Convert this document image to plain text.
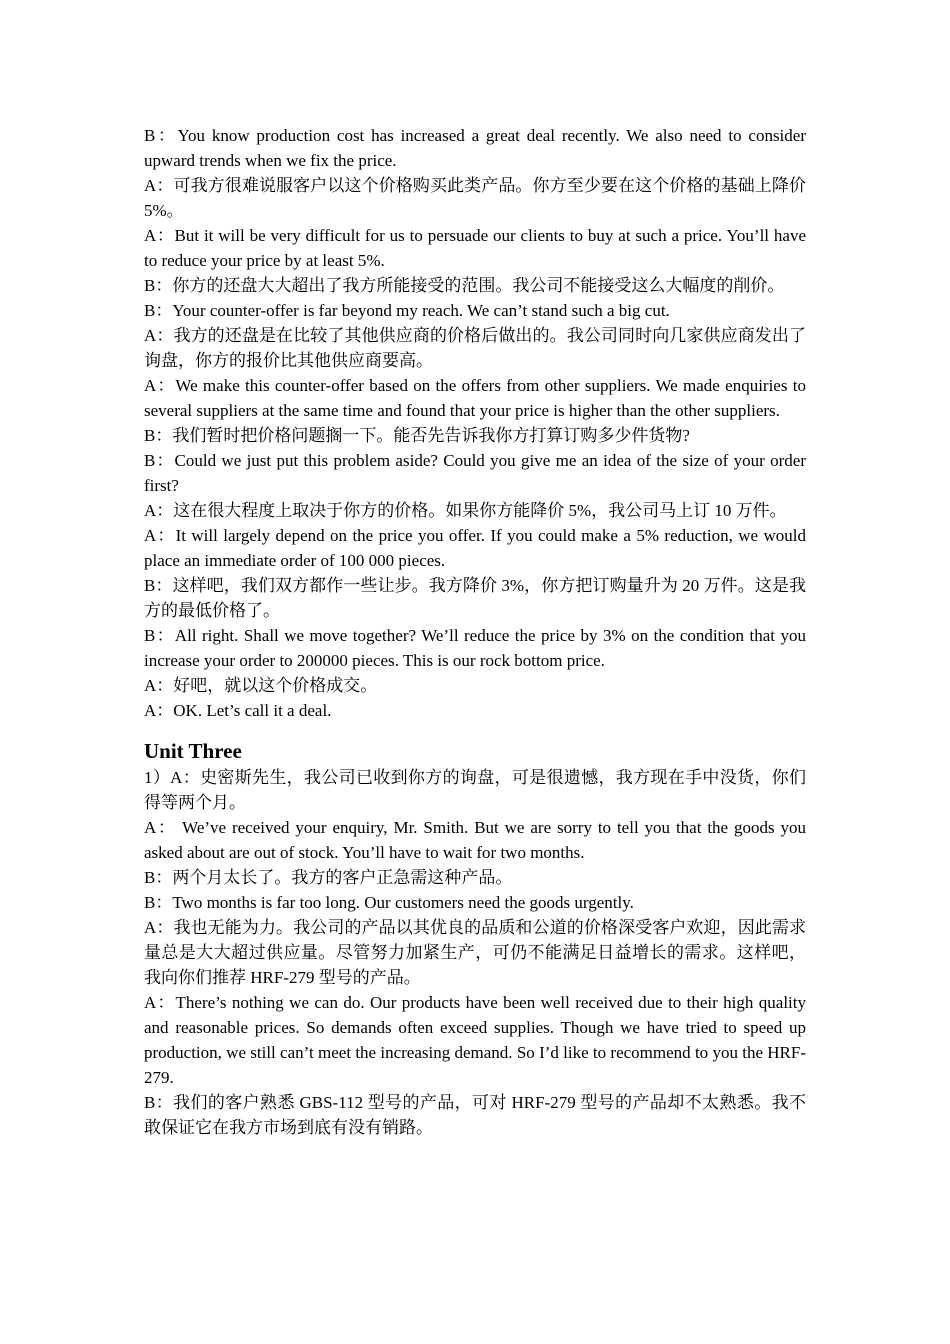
B：You know production cost has increased a great deal recently. We also need to consider upward trends when we fix the price.

A：可我方很难说服客户以这个价格购买此类产品。你方至少要在这个价格的基础上降价 5%。

A：But it will be very difficult for us to persuade our clients to buy at such a price. You’ll have to reduce your price by at least 5%.

B：你方的还盘大大超出了我方所能接受的范围。我公司不能接受这么大幅度的削价。

B：Your counter-offer is far beyond my reach. We can’t stand such a big cut.

A：我方的还盘是在比较了其他供应商的价格后做出的。我公司同时向几家供应商发出了询盘，你方的报价比其他供应商要高。

A：We make this counter-offer based on the offers from other suppliers. We made enquiries to several suppliers at the same time and found that your price is higher than the other suppliers.

B：我们暂时把价格问题搁一下。能否先告诉我你方打算订购多少件货物?

B：Could we just put this problem aside? Could you give me an idea of the size of your order first?

A：这在很大程度上取决于你方的价格。如果你方能降价 5%，我公司马上订 10 万件。

A：It will largely depend on the price you offer. If you could make a 5% reduction, we would place an immediate order of 100 000 pieces.

B：这样吧，我们双方都作一些让步。我方降价 3%，你方把订购量升为 20 万件。这是我方的最低价格了。

B：All right. Shall we move together? We’ll reduce the price by 3% on the condition that you increase your order to 200000 pieces. This is our rock bottom price.

A：好吧，就以这个价格成交。

A：OK. Let’s call it a deal.

Unit Three

1）A：史密斯先生，我公司已收到你方的询盘，可是很遗憾，我方现在手中没货，你们得等两个月。

A： We’ve received your enquiry, Mr. Smith. But we are sorry to tell you that the goods you asked about are out of stock. You’ll have to wait for two months.

B：两个月太长了。我方的客户正急需这种产品。

B：Two months is far too long. Our customers need the goods urgently.

A：我也无能为力。我公司的产品以其优良的品质和公道的价格深受客户欢迎，因此需求量总是大大超过供应量。尽管努力加紧生产，可仍不能满足日益增长的需求。这样吧，我向你们推荐 HRF-279 型号的产品。

A：There’s nothing we can do. Our products have been well received due to their high quality and reasonable prices. So demands often exceed supplies. Though we have tried to speed up production, we still can’t meet the increasing demand. So I’d like to recommend to you the HRF-279.

B：我们的客户熟悉 GBS-112 型号的产品，可对 HRF-279 型号的产品却不太熟悉。我不敢保证它在我方市场到底有没有销路。
